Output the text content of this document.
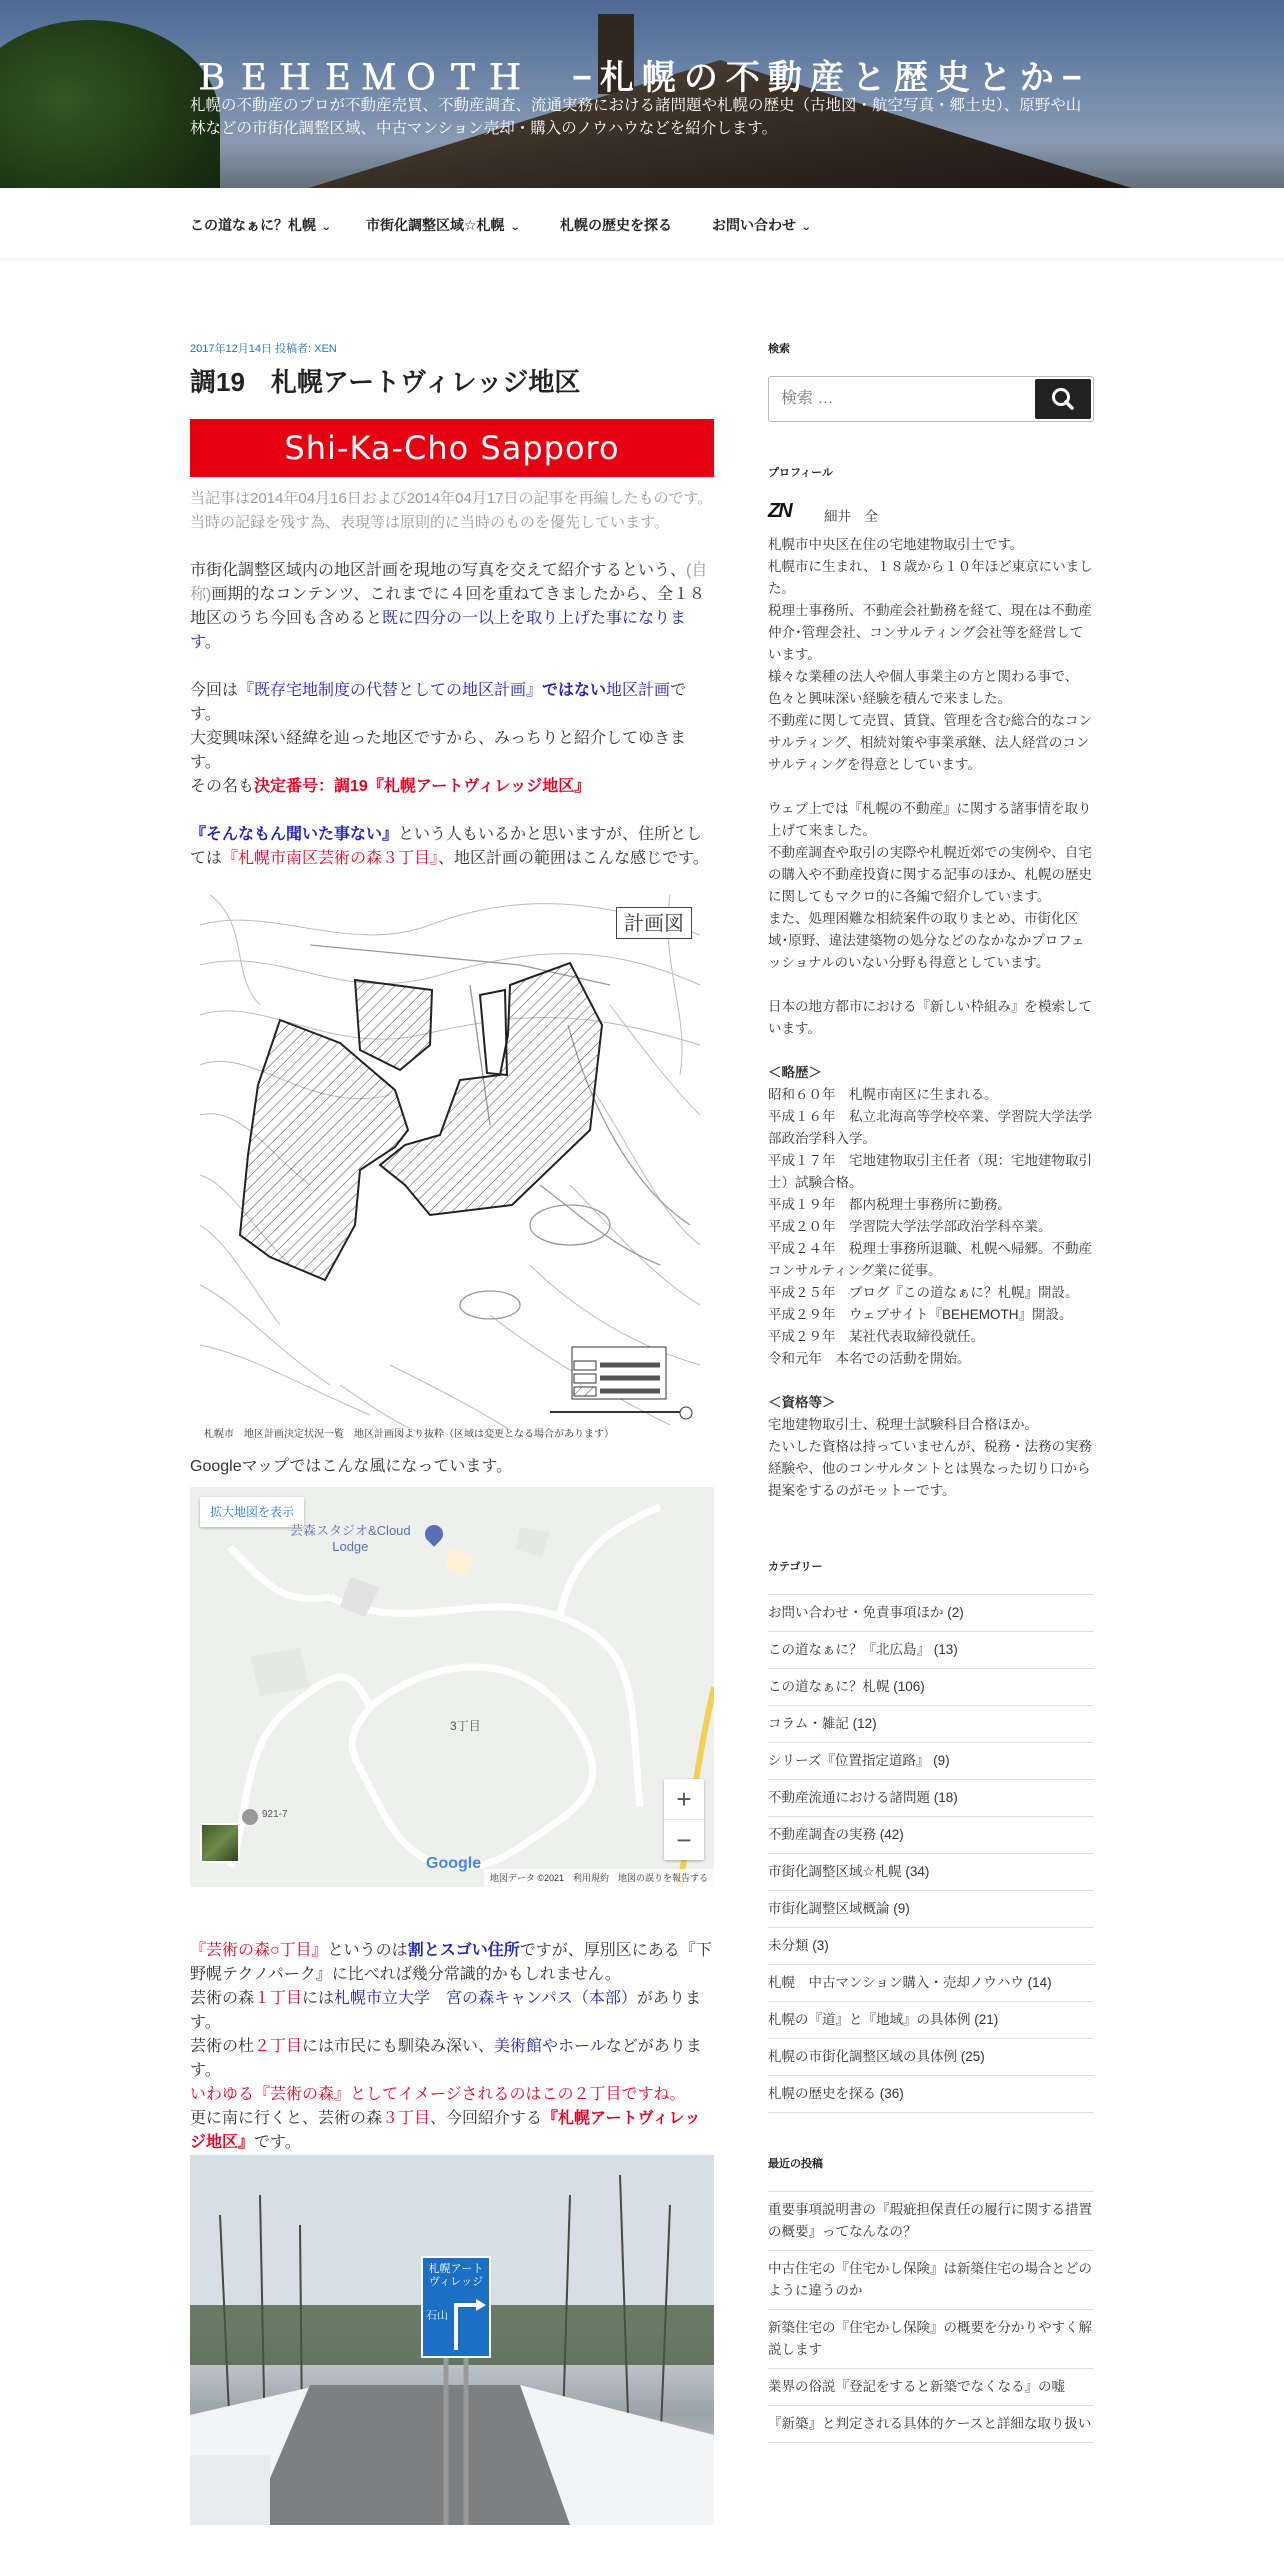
ＢＥＨＥＭＯＴＨ　−札幌の不動産と歴史とか−
札幌の不動産のプロが不動産売買、不動産調査、流通実務における諸問題や札幌の歴史（古地図・航空写真・郷土史）、原野や山林などの市街化調整区域、中古マンション売却・購入のノウハウなどを紹介します。
この道なぁに？札幌 ⌄ 市街化調整区域☆札幌 ⌄	札幌の歴史を探る	お問い合わせ ⌄
2017年12月14日 投稿者: XEN
調19　札幌アートヴィレッジ地区
Shi-Ka-Cho Sapporo

当記事は2014年04月16日および2014年04月17日の記事を再編したものです。当時の記録を残す為、表現等は原則的に当時のものを優先しています。

市街化調整区域内の地区計画を現地の写真を交えて紹介するという、(自称)画期的なコンテンツ、これまでに４回を重ねてきましたから、全１８地区のうち今回も含めると既に四分の一以上を取り上げた事になります。

今回は『既存宅地制度の代替としての地区計画』ではない地区計画です。

大変興味深い経緯を辿った地区ですから、みっちりと紹介してゆきます。

その名も決定番号：調19『札幌アートヴィレッジ地区』

『そんなもん聞いた事ない』という人もいるかと思いますが、住所としては『札幌市南区芸術の森３丁目』、地区計画の範囲はこんな感じです。

計画図
札幌市　地区計画決定状況一覧　地区計画図より抜粋（区域は変更となる場合があります）

Googleマップではこんな風になっています。

拡大地図を表示
芸森スタジオ&Cloud
Lodge
3丁目
921-7
+
−
Google
地図データ ©2021　利用規約　地図の誤りを報告する

『芸術の森○丁目』というのは割とスゴい住所ですが、厚別区にある『下野幌テクノパーク』に比べれば幾分常識的かもしれません。

芸術の森１丁目には札幌市立大学　宮の森キャンパス（本部）があります。

芸術の杜２丁目には市民にも馴染み深い、美術館やホールなどがあります。

いわゆる『芸術の森』としてイメージされるのはこの２丁目ですね。

更に南に行くと、芸術の森３丁目、今回紹介する『札幌アートヴィレッジ地区』です。

札幌アート
ヴィレッジ
石山
検索
検索 …
プロフィール
ZN 細井　全

札幌市中央区在住の宅地建物取引士です。

札幌市に生まれ、１８歳から１０年ほど東京にいました。

税理士事務所、不動産会社勤務を経て、現在は不動産仲介･管理会社、コンサルティング会社等を経営しています。

様々な業種の法人や個人事業主の方と関わる事で、色々と興味深い経験を積んで来ました。

不動産に関して売買、賃貸、管理を含む総合的なコンサルティング、相続対策や事業承継、法人経営のコンサルティングを得意としています。

ウェブ上では『札幌の不動産』に関する諸事情を取り上げて来ました。

不動産調査や取引の実際や札幌近郊での実例や、自宅の購入や不動産投資に関する記事のほか、札幌の歴史に関してもマクロ的に各編で紹介しています。

また、処理困難な相続案件の取りまとめ、市街化区域･原野、違法建築物の処分などのなかなかプロフェッショナルのいない分野も得意としています。

日本の地方都市における『新しい枠組み』を模索しています。

＜略歴＞

昭和６０年　札幌市南区に生まれる。

平成１６年　私立北海高等学校卒業、学習院大学法学部政治学科入学。

平成１７年　宅地建物取引主任者（現：宅地建物取引士）試験合格。

平成１９年　都内税理士事務所に勤務。

平成２０年　学習院大学法学部政治学科卒業。

平成２４年　税理士事務所退職、札幌へ帰郷。不動産コンサルティング業に従事。

平成２５年　ブログ『この道なぁに？札幌』開設。

平成２９年　ウェブサイト『BEHEMOTH』開設。

平成２９年　某社代表取締役就任。

令和元年　本名での活動を開始。

＜資格等＞

宅地建物取引士、税理士試験科目合格ほか。

たいした資格は持っていませんが、税務・法務の実務経験や、他のコンサルタントとは異なった切り口から提案をするのがモットーです。

カテゴリー
お問い合わせ・免責事項ほか (2)
この道なぁに？『北広島』 (13)
この道なぁに？札幌 (106)
コラム・雑記 (12)
シリーズ『位置指定道路』 (9)
不動産流通における諸問題 (18)
不動産調査の実務 (42)
市街化調整区域☆札幌 (34)
市街化調整区域概論 (9)
未分類 (3)
札幌　中古マンション購入・売却ノウハウ (14)
札幌の『道』と『地域』の具体例 (21)
札幌の市街化調整区域の具体例 (25)
札幌の歴史を探る (36)
最近の投稿
重要事項説明書の『瑕疵担保責任の履行に関する措置の概要』ってなんなの？
中古住宅の『住宅かし保険』は新築住宅の場合とどのように違うのか
新築住宅の『住宅かし保険』の概要を分かりやすく解説します
業界の俗説『登記をすると新築でなくなる』の嘘
『新築』と判定される具体的ケースと詳細な取り扱い
